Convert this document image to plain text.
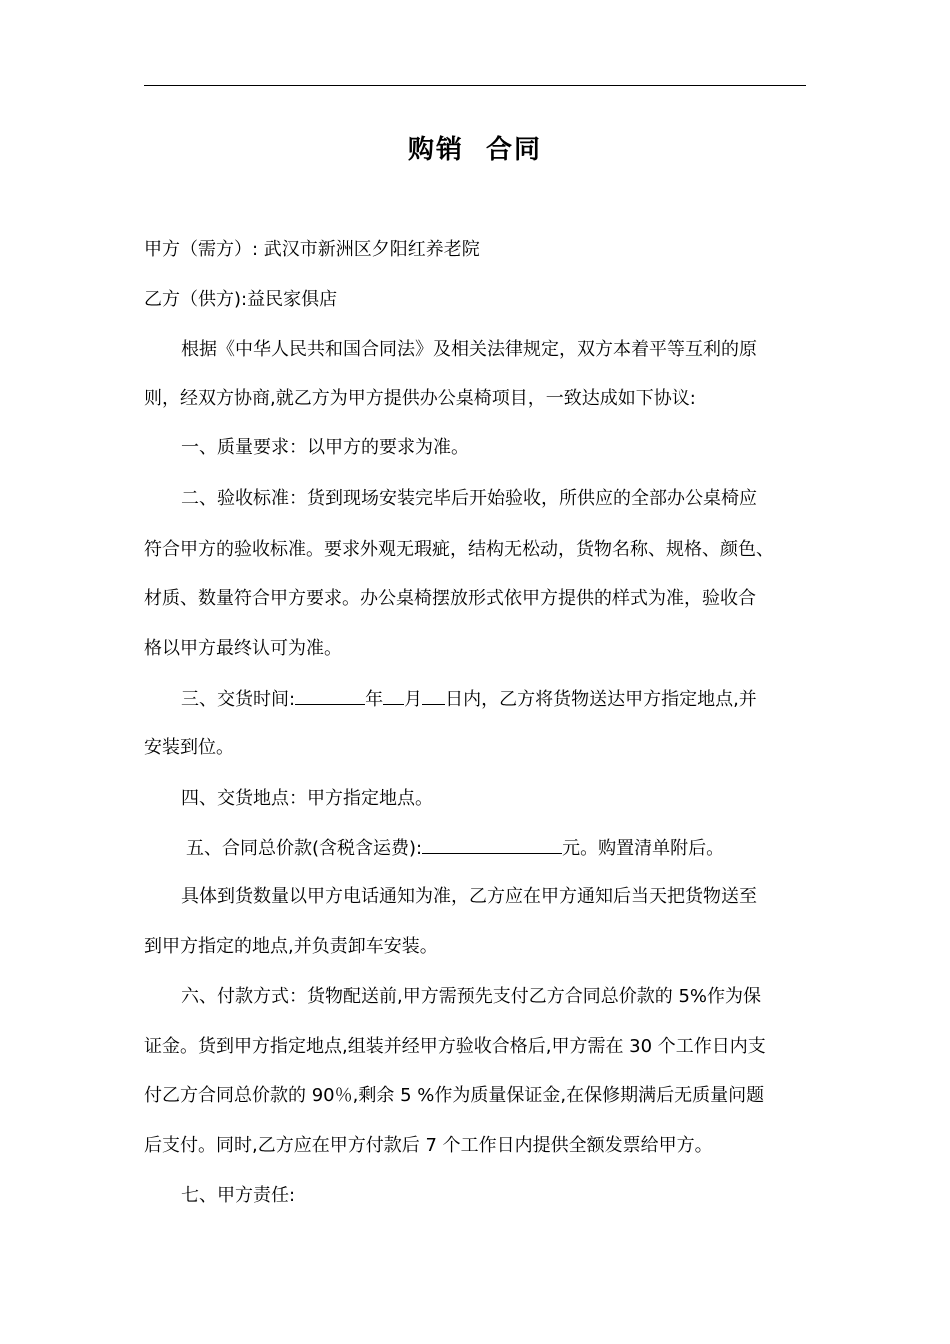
购销  合同
甲方（需方）: 武汉市新洲区夕阳红养老院
乙方（供方):益民家俱店
根据《中华人民共和国合同法》及相关法律规定，双方本着平等互利的原
则，经双方协商,就乙方为甲方提供办公桌椅项目，一致达成如下协议:
一、质量要求：以甲方的要求为准。
二、验收标准：货到现场安装完毕后开始验收，所供应的全部办公桌椅应
符合甲方的验收标准。要求外观无瑕疵，结构无松动，货物名称、规格、颜色、
材质、数量符合甲方要求。办公桌椅摆放形式依甲方提供的样式为准，验收合
格以甲方最终认可为准。
三、交货时间:	年 月 日内，乙方将货物送达甲方指定地点,并
安装到位。
四、交货地点：甲方指定地点。
五、合同总价款(含税含运费):	元。购置清单附后。
具体到货数量以甲方电话通知为准，乙方应在甲方通知后当天把货物送至
到甲方指定的地点,并负责卸车安装。
六、付款方式：货物配送前,甲方需预先支付乙方合同总价款的 5%作为保
证金。货到甲方指定地点,组装并经甲方验收合格后,甲方需在 30 个工作日内支
付乙方合同总价款的 90％,剩余 5 %作为质量保证金,在保修期满后无质量问题
后支付。同时,乙方应在甲方付款后 7 个工作日内提供全额发票给甲方。
七、甲方责任:
